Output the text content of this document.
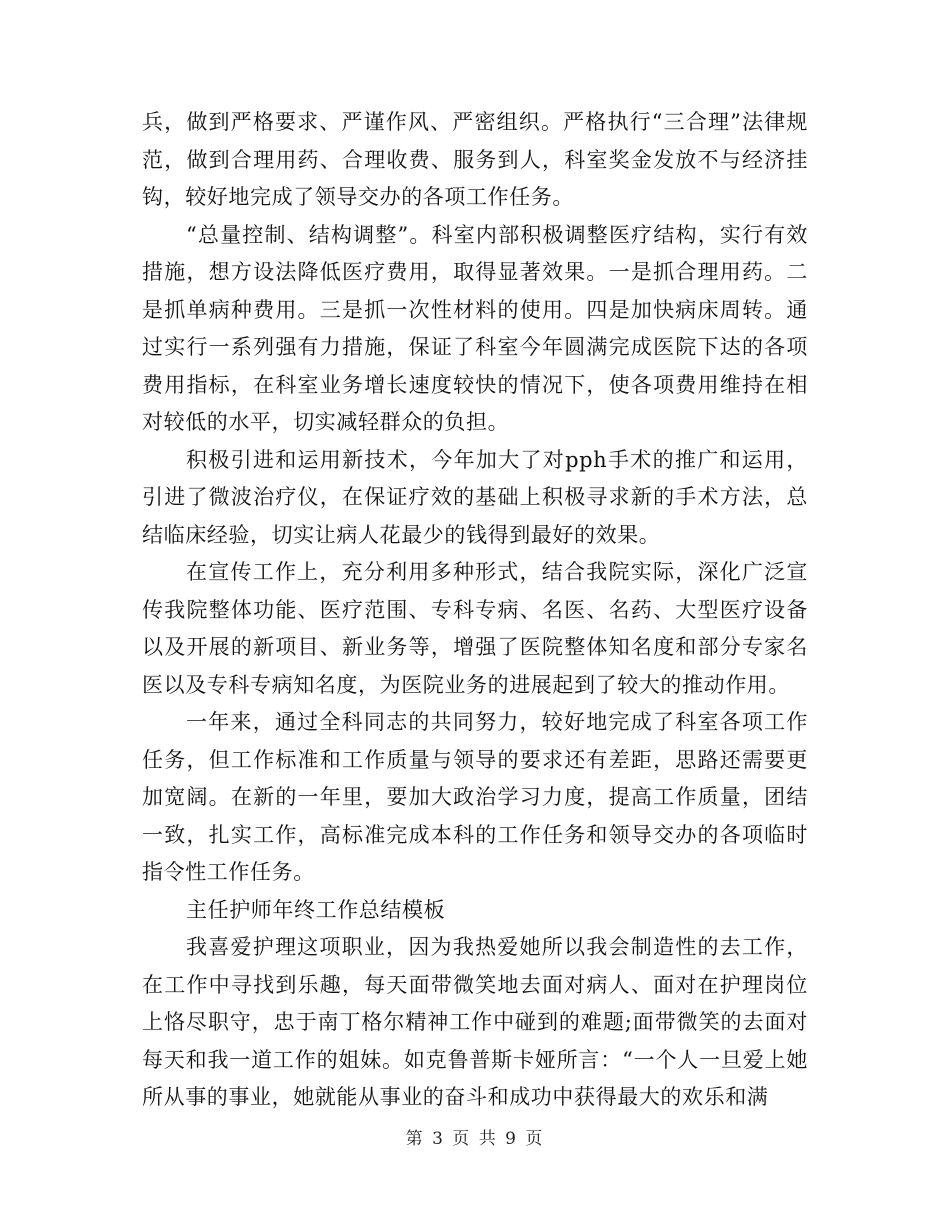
兵，做到严格要求、严谨作风、严密组织。严格执行“三合理”法律规范，做到合理用药、合理收费、服务到人，科室奖金发放不与经济挂钩，较好地完成了领导交办的各项工作任务。

“总量控制、结构调整”。科室内部积极调整医疗结构，实行有效措施，想方设法降低医疗费用，取得显著效果。一是抓合理用药。二是抓单病种费用。三是抓一次性材料的使用。四是加快病床周转。通过实行一系列强有力措施，保证了科室今年圆满完成医院下达的各项费用指标，在科室业务增长速度较快的情况下，使各项费用维持在相对较低的水平，切实减轻群众的负担。

积极引进和运用新技术，今年加大了对pph手术的推广和运用，引进了微波治疗仪，在保证疗效的基础上积极寻求新的手术方法，总结临床经验，切实让病人花最少的钱得到最好的效果。

在宣传工作上，充分利用多种形式，结合我院实际，深化广泛宣传我院整体功能、医疗范围、专科专病、名医、名药、大型医疗设备以及开展的新项目、新业务等，增强了医院整体知名度和部分专家名医以及专科专病知名度，为医院业务的进展起到了较大的推动作用。

一年来，通过全科同志的共同努力，较好地完成了科室各项工作任务，但工作标准和工作质量与领导的要求还有差距，思路还需要更加宽阔。在新的一年里，要加大政治学习力度，提高工作质量，团结一致，扎实工作，高标准完成本科的工作任务和领导交办的各项临时指令性工作任务。

主任护师年终工作总结模板

我喜爱护理这项职业，因为我热爱她所以我会制造性的去工作，在工作中寻找到乐趣，每天面带微笑地去面对病人、面对在护理岗位上恪尽职守，忠于南丁格尔精神工作中碰到的难题;面带微笑的去面对每天和我一道工作的姐妹。如克鲁普斯卡娅所言：“一个人一旦爱上她所从事的事业，她就能从事业的奋斗和成功中获得最大的欢乐和满

第 3 页 共 9 页
